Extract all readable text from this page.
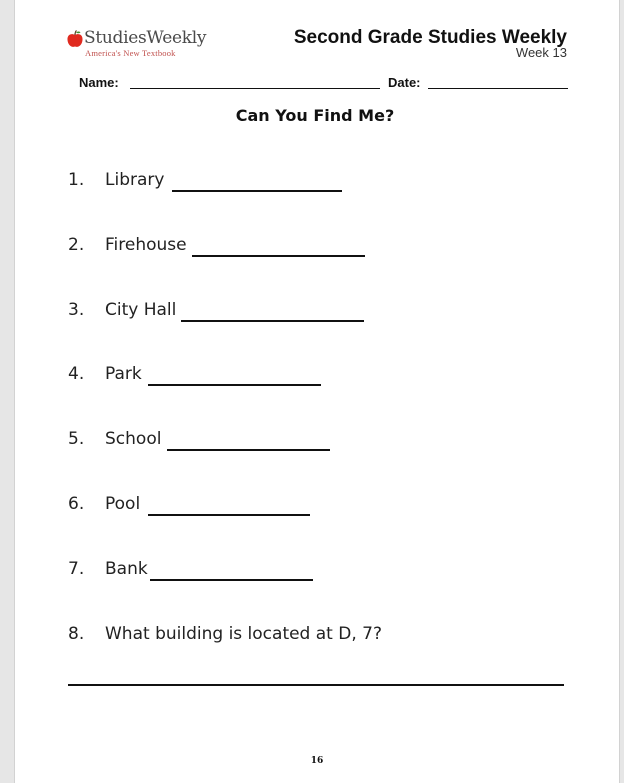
StudiesWeekly
America's New Textbook
Second Grade Studies Weekly
Week 13
Name:	Date:
Can You Find Me?
1. Library
2. Firehouse
3. City Hall
4. Park
5. School
6. Pool
7. Bank
8. What building is located at D, 7?
16
